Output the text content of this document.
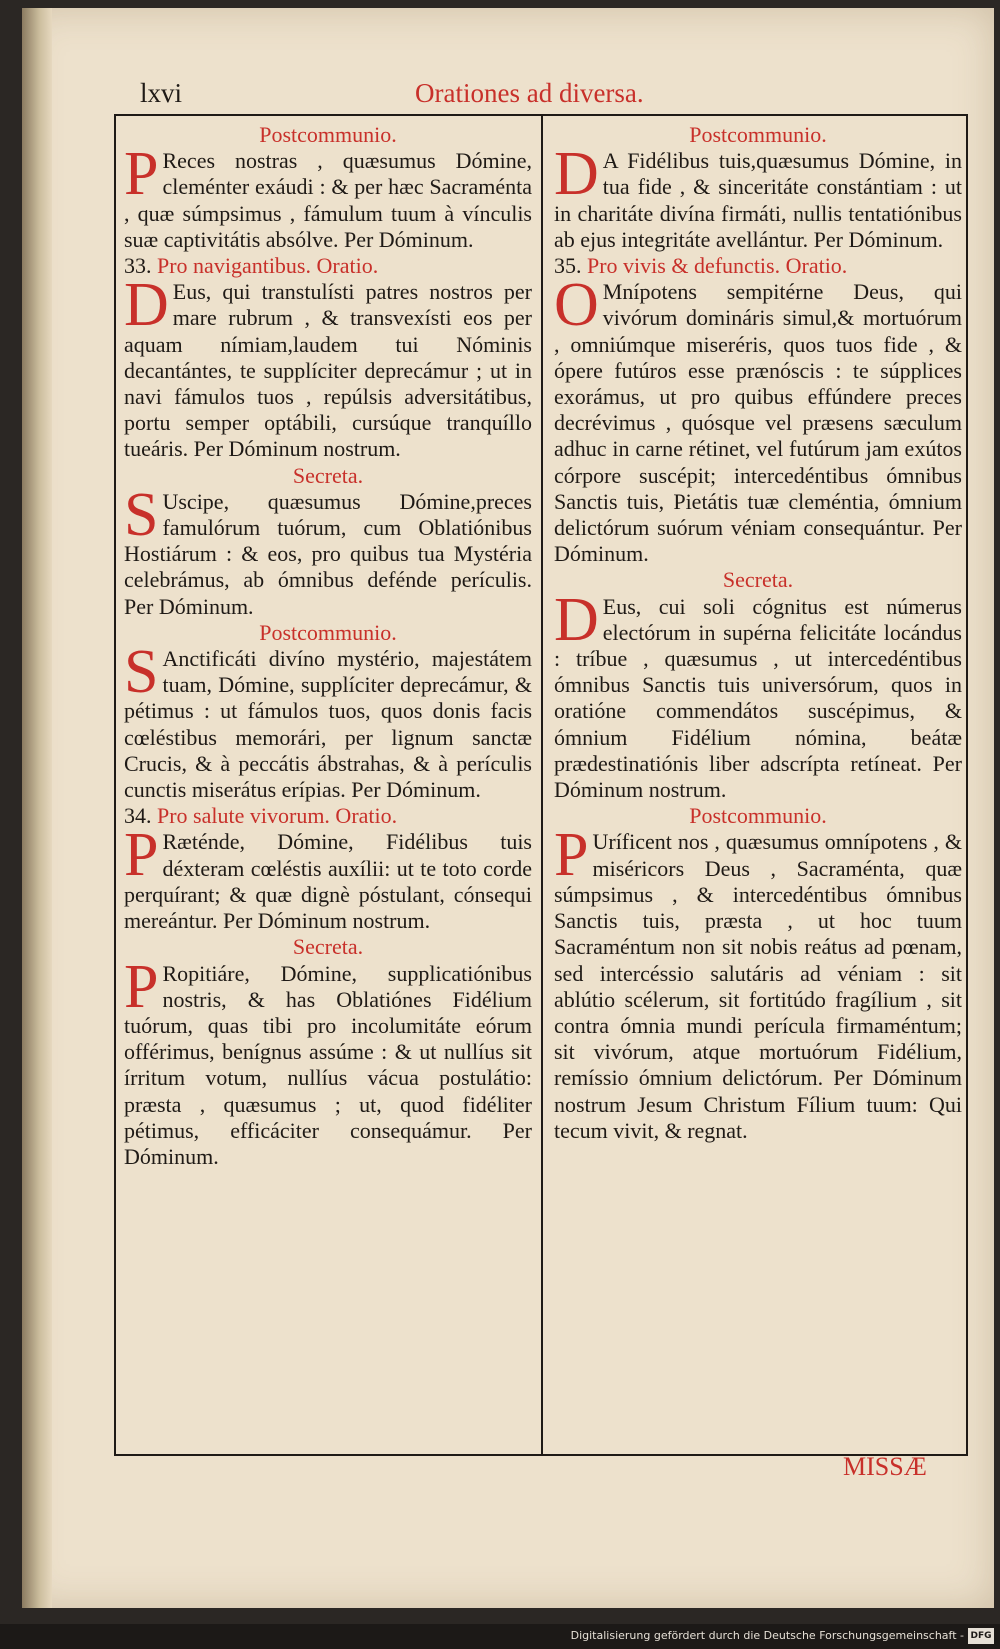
lxvi	Orationes ad diversa.
Postcommunio.

P Reces nostras , quæsumus Dómine, cleménter exáudi : & per hæc Sacraménta , quæ súmpsimus , fámulum tuum à vínculis suæ captivitátis absólve. Per Dóminum.

33. Pro navigantibus. Oratio.

D Eus, qui transtulísti patres nostros per mare rubrum , & transvexísti eos per aquam nímiam,laudem tui Nóminis decantántes, te supplíciter deprecámur ; ut in navi fámulos tuos , repúlsis adversitátibus, portu semper optábili, cursúque tranquíllo tueáris. Per Dóminum nostrum.

Secreta.

S Uscipe, quæsumus Dómine,preces famulórum tuórum, cum Oblatiónibus Hostiárum : & eos, pro quibus tua Mystéria celebrámus, ab ómnibus defénde perículis. Per Dóminum.

Postcommunio.

S Anctificáti divíno mystério, majestátem tuam, Dómine, supplíciter deprecámur, & pétimus : ut fámulos tuos, quos donis facis cœléstibus memorári, per lignum sanctæ Crucis, & à peccátis ábstrahas, & à perículis cunctis miserátus erípias. Per Dóminum.

34. Pro salute vivorum. Oratio.

P Ræténde, Dómine, Fidélibus tuis déxteram cœléstis auxílii: ut te toto corde perquírant; & quæ dignè póstulant, cónsequi mereántur. Per Dóminum nostrum.

Secreta.

P Ropitiáre, Dómine, supplicatiónibus nostris, & has Oblatiónes Fidélium tuórum, quas tibi pro incolumitáte eórum offérimus, benígnus assúme : & ut nullíus sit írritum votum, nullíus vácua postulátio: præsta , quæsumus ; ut, quod fidéliter pétimus, efficáciter consequámur. Per Dóminum.

Postcommunio.

D A Fidélibus tuis,quæsumus Dómine, in tua fide , & sinceritáte constántiam : ut in charitáte divína firmáti, nullis tentatiónibus ab ejus integritáte avellántur. Per Dóminum.

35. Pro vivis & defunctis. Oratio.

O Mnípotens sempitérne Deus, qui vivórum domináris simul,& mortuórum , omniúmque miseréris, quos tuos fide , & ópere futúros esse prænóscis : te súpplices exorámus, ut pro quibus effúndere preces decrévimus , quósque vel præsens sæculum adhuc in carne rétinet, vel futúrum jam exútos córpore suscépit; intercedéntibus ómnibus Sanctis tuis, Pietátis tuæ cleméntia, ómnium delictórum suórum véniam consequántur. Per Dóminum.

Secreta.

D Eus, cui soli cógnitus est númerus electórum in supérna felicitáte locándus : tríbue , quæsumus , ut intercedéntibus ómnibus Sanctis tuis universórum, quos in oratióne commendátos suscépimus, & ómnium Fidélium nómina, beátæ prædestinatiónis liber adscrípta retíneat. Per Dóminum nostrum.

Postcommunio.

P Uríficent nos , quæsumus omnípotens , & miséricors Deus , Sacraménta, quæ súmpsimus , & intercedéntibus ómnibus Sanctis tuis, præsta , ut hoc tuum Sacraméntum non sit nobis reátus ad pœnam, sed intercéssio salutáris ad véniam : sit ablútio scélerum, sit fortitúdo fragílium , sit contra ómnia mundi perícula firmaméntum; sit vivórum, atque mortuórum Fidélium, remíssio ómnium delictórum. Per Dóminum nostrum Jesum Christum Fílium tuum: Qui tecum vivit, & regnat.

MISSÆ
Digitalisierung gefördert durch die Deutsche Forschungsgemeinschaft - DFG
